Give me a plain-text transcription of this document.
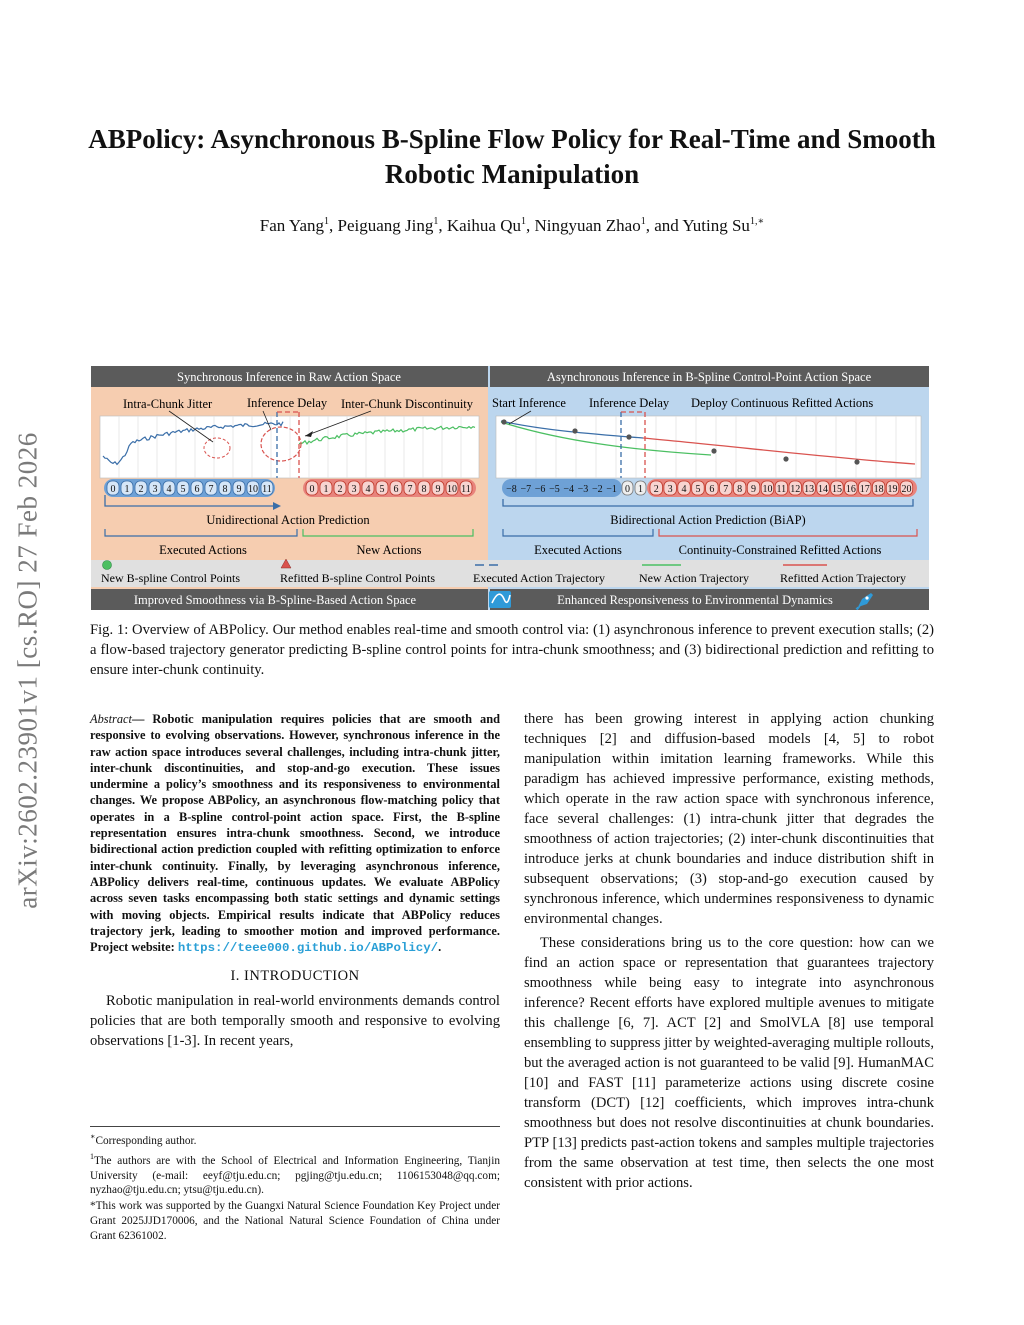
arXiv:2602.23901v1 [cs.RO] 27 Feb 2026
ABPolicy: Asynchronous B-Spline Flow Policy for Real-Time and Smooth Robotic Manipulation
Fan Yang$^1$, Peiguang Jing$^1$, Kaihua Qu$^1$, Ningyuan Zhao$^1$, and Yuting $Su^{1,∗}$
Synchronous Inference in Raw Action Space	Asynchronous Inference in B-Spline Control-Point Action Space
Intra-Chunk Jitter	Inference Delay Inter-Chunk Discontinuity Start Inference Inference Delay Deploy Continuous Refitted Actions
0 1 2 3 4 5 6 7 8 9 10 11	0 1 2 3 4 5 6 7 8 9 10 11	−8 −7 −6 −5 −4 −3 −2 −1 0 1 2 3 4 5 6 7 8 9 10 11 12 13 14 15 16 17 18 19 20
Unidirectional Action Prediction	Bidirectional Action Prediction (BiAP)
Executed Actions	New Actions	Executed Actions	Continuity-Constrained Refitted Actions
New B-spline Control Points	Refitted B-spline Control Points	Executed Action Trajectory	New Action Trajectory	Refitted Action Trajectory
Improved Smoothness via B-Spline-Based Action Space	Enhanced Responsiveness to Environmental Dynamics
Fig. 1: Overview of ABPolicy. Our method enables real-time and smooth control via: (1) asynchronous inference to prevent execution stalls; (2) a flow-based trajectory generator predicting B-spline control points for intra-chunk smoothness; and (3) bidirectional prediction and refitting to ensure inter-chunk continuity.
Abstract— Robotic manipulation requires policies that are smooth and responsive to evolving observations. However, synchronous inference in the raw action space introduces several challenges, including intra-chunk jitter, inter-chunk discontinuities, and stop-and-go execution. These issues undermine a policy’s smoothness and its responsiveness to environmental changes. We propose ABPolicy, an asynchronous flow-matching policy that operates in a B-spline control-point action space. First, the B-spline representation ensures intra-chunk smoothness. Second, we introduce bidirectional action prediction coupled with refitting optimization to enforce inter-chunk continuity. Finally, by leveraging asynchronous inference, ABPolicy delivers real-time, continuous updates. We evaluate ABPolicy across seven tasks encompassing both static settings and dynamic settings with moving objects. Empirical results indicate that ABPolicy reduces trajectory jerk, leading to smoother motion and improved performance. Project website: https://teee000.github.io/ABPolicy/.
I. INTRODUCTION
Robotic manipulation in real-world environments demands control policies that are both temporally smooth and responsive to evolving observations [1-3]. In recent years,

∗Corresponding author.

$^1$The authors are with the School of Electrical and Information Engineering, Tianjin University (e-mail: eeyf@tju.edu.cn; pgjing@tju.edu.cn; 1106153048@qq.com; nyzhao@tju.edu.cn; ytsu@tju.edu.cn).

*This work was supported by the Guangxi Natural Science Foundation Key Project under Grant 2025JJD170006, and the National Natural Science Foundation of China under Grant 62361002.

there has been growing interest in applying action chunking techniques [2] and diffusion-based models [4, 5] to robot manipulation within imitation learning frameworks. While this paradigm has achieved impressive performance, existing methods, which operate in the raw action space with synchronous inference, face several challenges: (1) intra-chunk jitter that degrades the smoothness of action trajectories; (2) inter-chunk discontinuities that introduce jerks at chunk boundaries and induce distribution shift in subsequent observations; (3) stop-and-go execution caused by synchronous inference, which undermines responsiveness to dynamic environmental changes.
These considerations bring us to the core question: how can we find an action space or representation that guarantees trajectory smoothness while being easy to integrate into asynchronous inference? Recent efforts have explored multiple avenues to mitigate this challenge [6, 7]. ACT [2] and SmolVLA [8] use temporal ensembling to suppress jitter by weighted-averaging multiple rollouts, but the averaged action is not guaranteed to be valid [9]. HumanMAC [10] and FAST [11] parameterize actions using discrete cosine transform (DCT) [12] coefficients, which improves intra-chunk smoothness but does not resolve discontinuities at chunk boundaries. PTP [13] predicts past-action tokens and samples multiple trajectories from the same observation at test time, then selects the one most consistent with prior actions.
